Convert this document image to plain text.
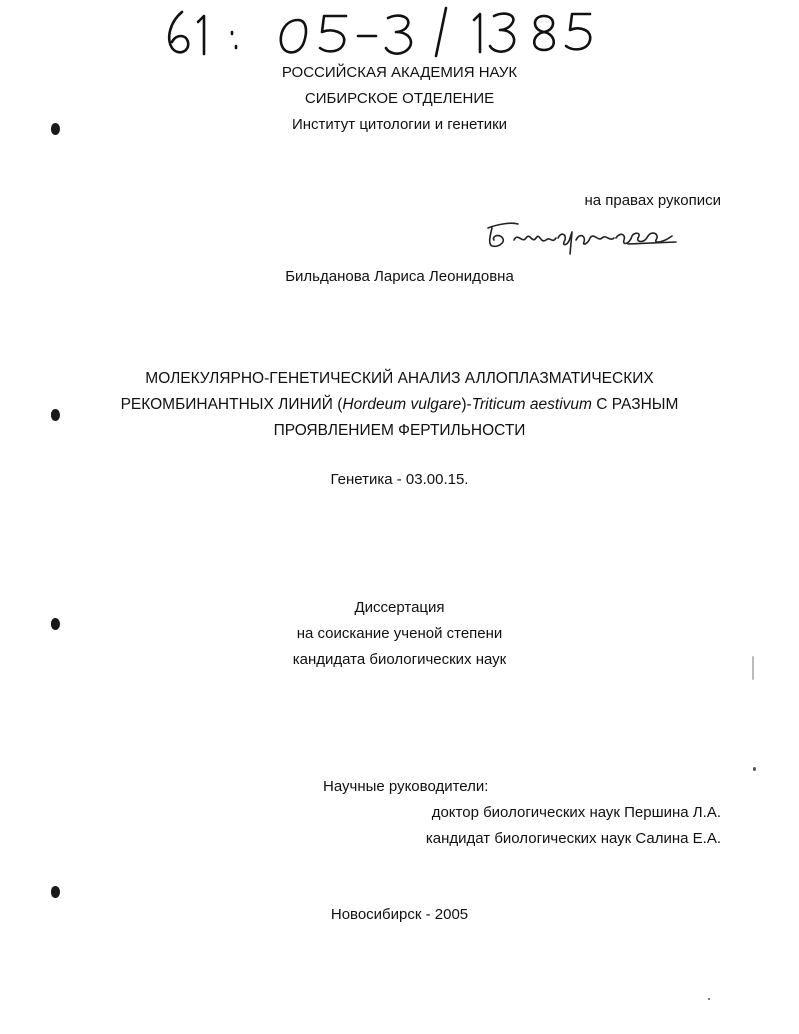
РОССИЙСКАЯ АКАДЕМИЯ НАУК
СИБИРСКОЕ ОТДЕЛЕНИЕ
Институт цитологии и генетики
на правах рукописи
Бильданова Лариса Леонидовна
МОЛЕКУЛЯРНО-ГЕНЕТИЧЕСКИЙ АНАЛИЗ АЛЛОПЛАЗМАТИЧЕСКИХ
РЕКОМБИНАНТНЫХ ЛИНИЙ (Hordeum vulgare)-Triticum aestivum С РАЗНЫМ
ПРОЯВЛЕНИЕМ ФЕРТИЛЬНОСТИ
Генетика - 03.00.15.
Диссертация
на соискание ученой степени
кандидата биологических наук
Научные руководители:
доктор биологических наук Першина Л.А.
кандидат биологических наук Салина Е.А.
Новосибирск - 2005
